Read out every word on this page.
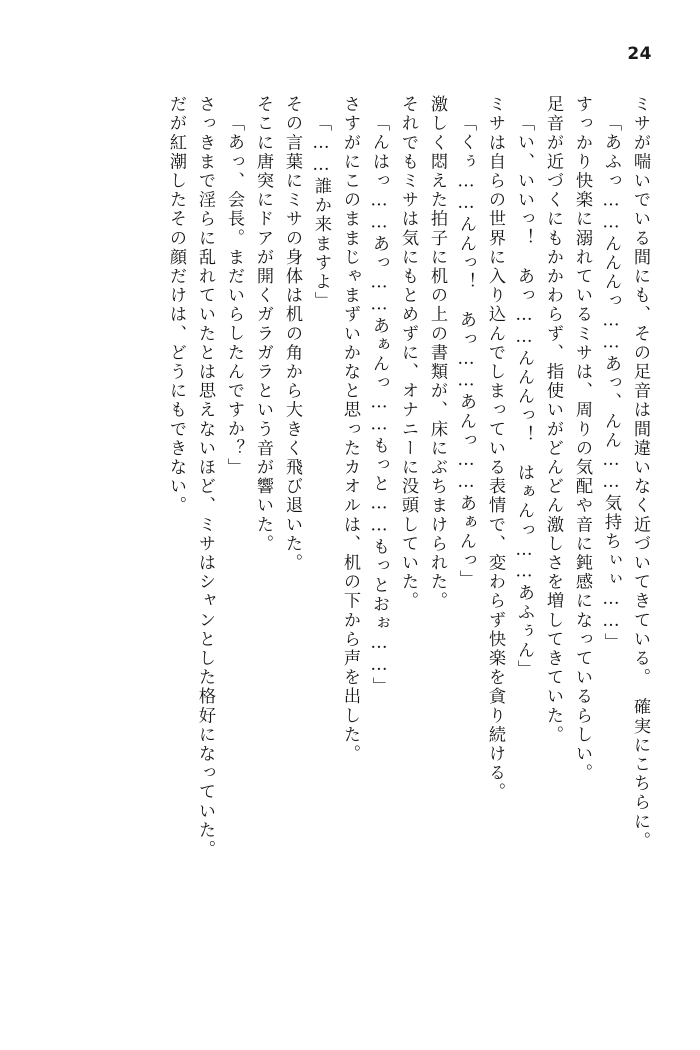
24
ミサが喘いでいる間にも、その足音は間違いなく近づいてきている。　確実にこちらに。
「あふっ……んんんっ……あっ、んん……気持ちぃぃ……」
すっかり快楽に溺れているミサは、周りの気配や音に鈍感になっているらしい。
足音が近づくにもかかわらず、指使いがどんどん激しさを増してきていた。
「い、いいっ！　あっ……んんんっ！　はぁんっ……あふぅん」
ミサは自らの世界に入り込んでしまっている表情で、変わらず快楽を貪り続ける。
「くぅ……んんっ！　あっ……あんっ……あぁんっ」
激しく悶えた拍子に机の上の書類が、床にぶちまけられた。
それでもミサは気にもとめずに、オナニーに没頭していた。
「んはっ……あっ……あぁんっ……もっと……もっとおぉ……」
さすがにこのままじゃまずいかなと思ったカオルは、机の下から声を出した。
「……誰か来ますよ」
その言葉にミサの身体は机の角から大きく飛び退いた。
そこに唐突にドアが開くガラガラという音が響いた。
「あっ、会長。まだいらしたんですか？」
さっきまで淫らに乱れていたとは思えないほど、ミサはシャンとした格好になっていた。
だが紅潮したその顔だけは、どうにもできない。
